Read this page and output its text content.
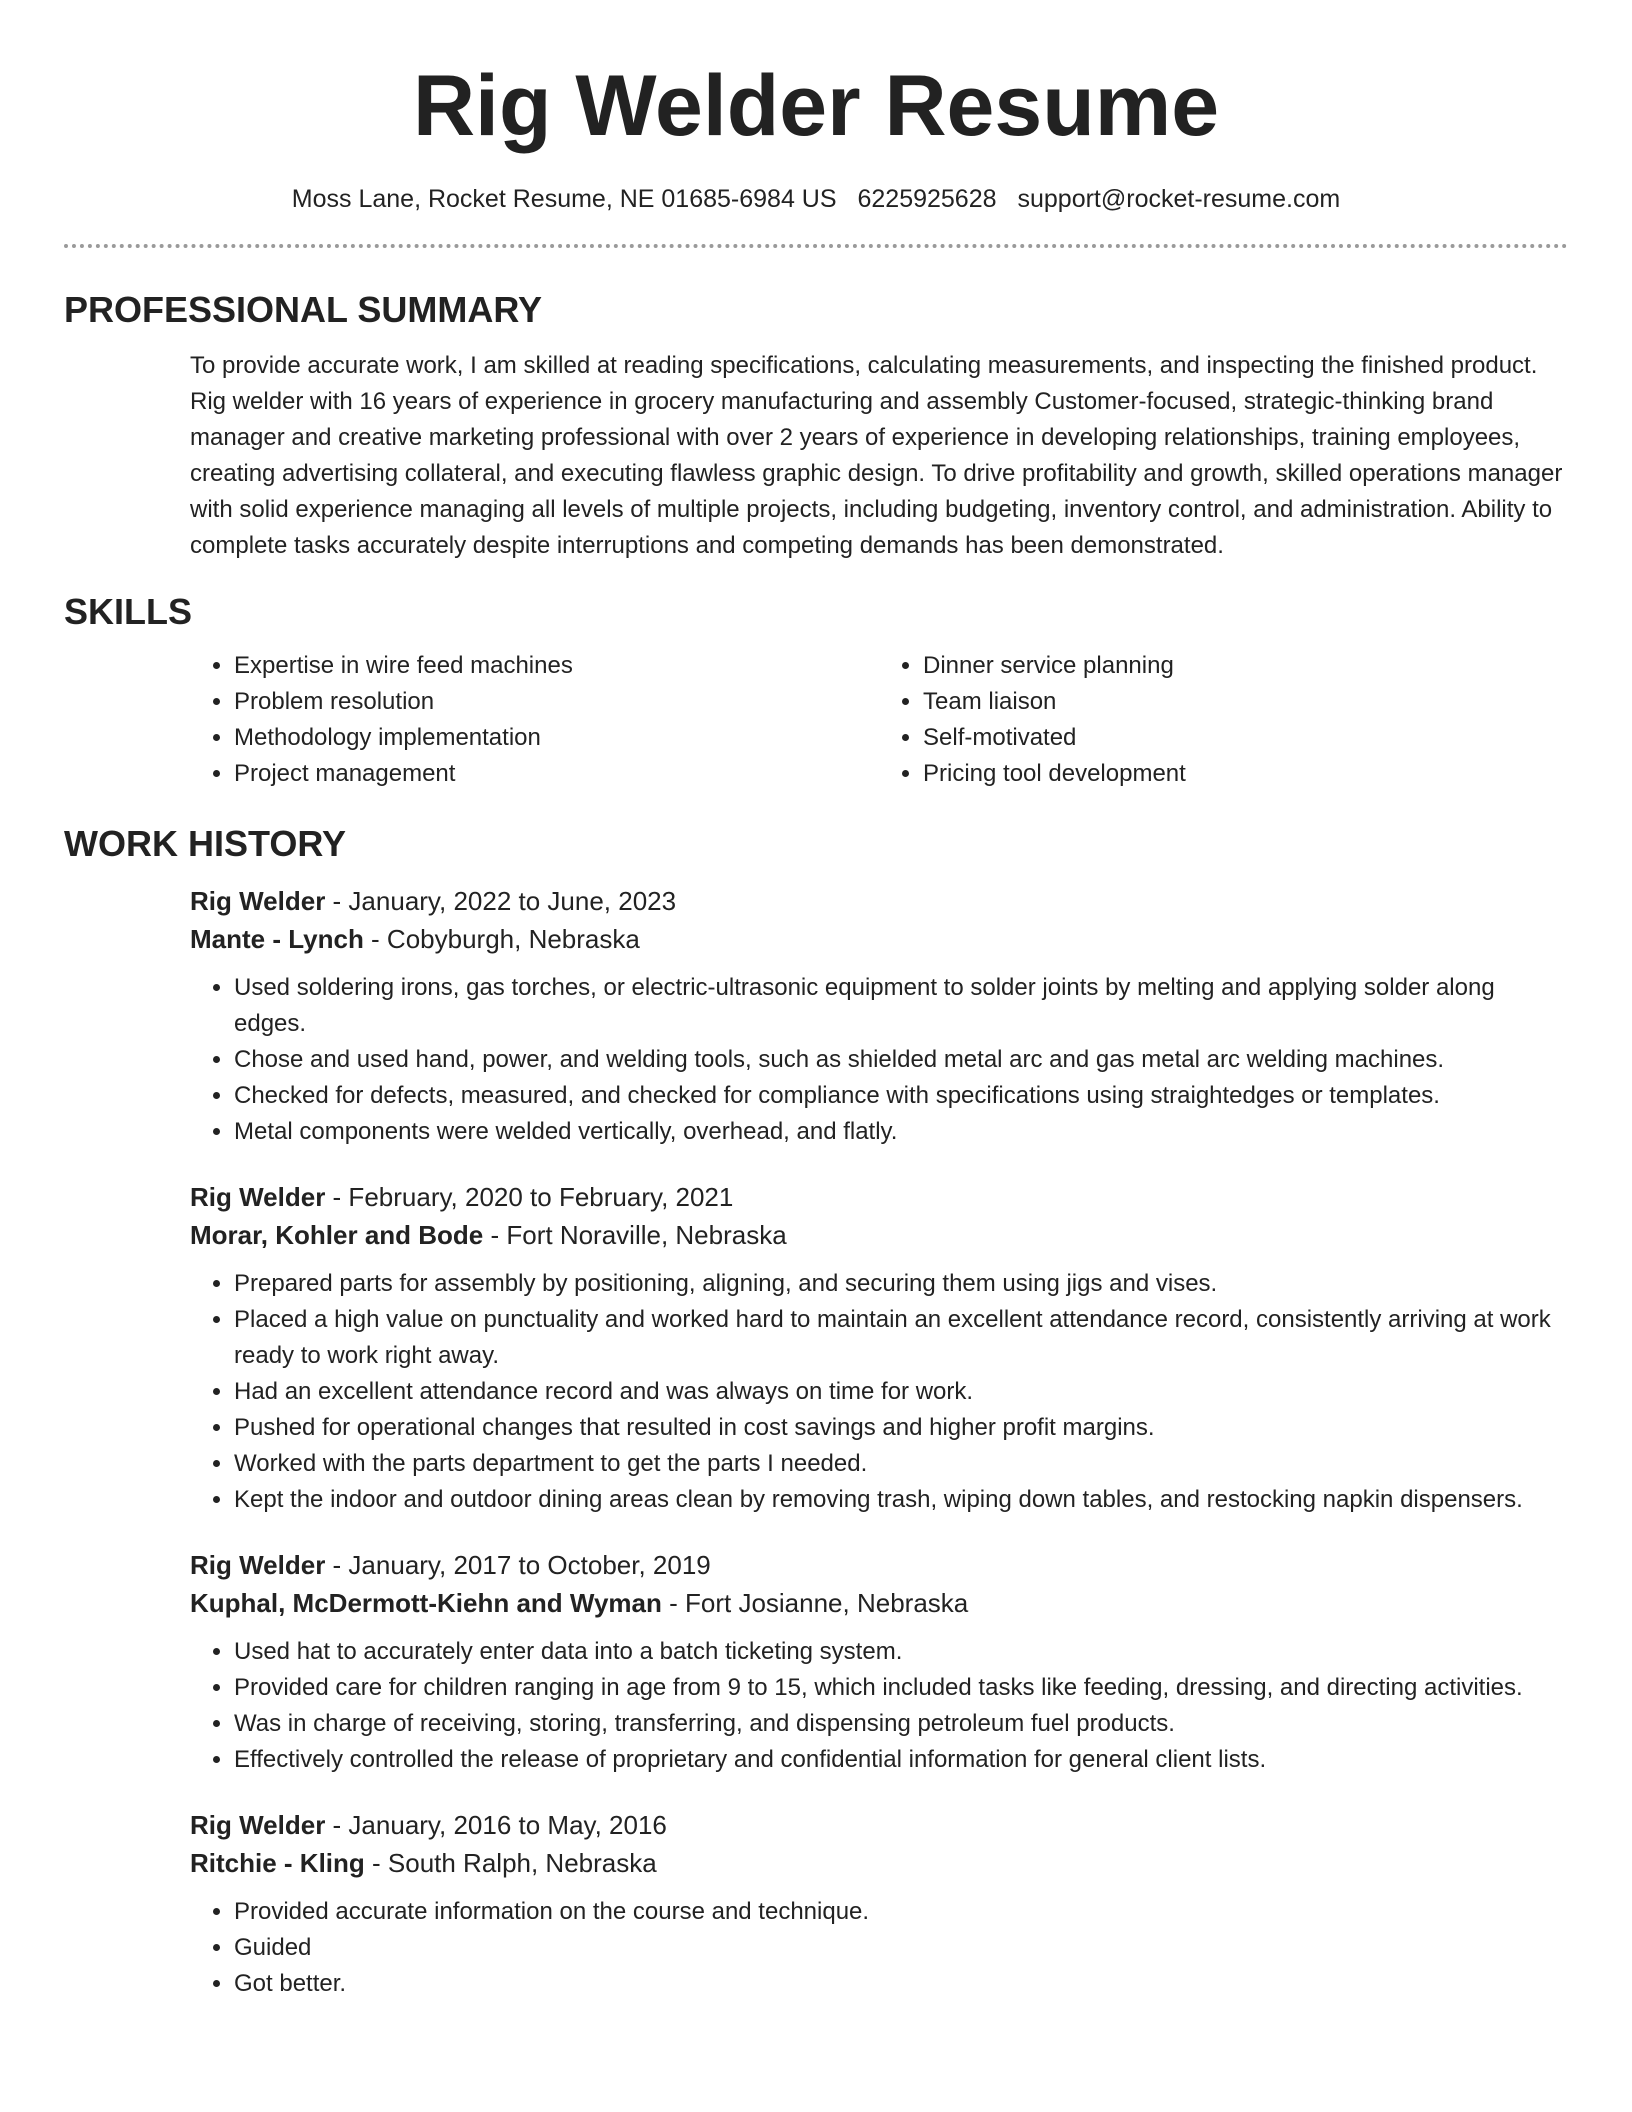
Rig Welder Resume
Moss Lane, Rocket Resume, NE 01685-6984 US 6225925628 support@rocket-resume.com
PROFESSIONAL SUMMARY

To provide accurate work, I am skilled at reading specifications, calculating measurements, and inspecting the finished product. Rig welder with 16 years of experience in grocery manufacturing and assembly Customer-focused, strategic-thinking brand manager and creative marketing professional with over 2 years of experience in developing relationships, training employees, creating advertising collateral, and executing flawless graphic design. To drive profitability and growth, skilled operations manager with solid experience managing all levels of multiple projects, including budgeting, inventory control, and administration. Ability to complete tasks accurately despite interruptions and competing demands has been demonstrated.

SKILLS
• Expertise in wire feed machines
• Problem resolution
• Methodology implementation
• Project management
• Dinner service planning
• Team liaison
• Self-motivated
• Pricing tool development
WORK HISTORY
Rig Welder - January, 2022 to June, 2023
Mante - Lynch - Cobyburgh, Nebraska
• Used soldering irons, gas torches, or electric-ultrasonic equipment to solder joints by melting and applying solder along edges.
• Chose and used hand, power, and welding tools, such as shielded metal arc and gas metal arc welding machines.
• Checked for defects, measured, and checked for compliance with specifications using straightedges or templates.
• Metal components were welded vertically, overhead, and flatly.
Rig Welder - February, 2020 to February, 2021
Morar, Kohler and Bode - Fort Noraville, Nebraska
• Prepared parts for assembly by positioning, aligning, and securing them using jigs and vises.
• Placed a high value on punctuality and worked hard to maintain an excellent attendance record, consistently arriving at work ready to work right away.
• Had an excellent attendance record and was always on time for work.
• Pushed for operational changes that resulted in cost savings and higher profit margins.
• Worked with the parts department to get the parts I needed.
• Kept the indoor and outdoor dining areas clean by removing trash, wiping down tables, and restocking napkin dispensers.
Rig Welder - January, 2017 to October, 2019
Kuphal, McDermott-Kiehn and Wyman - Fort Josianne, Nebraska
• Used hat to accurately enter data into a batch ticketing system.
• Provided care for children ranging in age from 9 to 15, which included tasks like feeding, dressing, and directing activities.
• Was in charge of receiving, storing, transferring, and dispensing petroleum fuel products.
• Effectively controlled the release of proprietary and confidential information for general client lists.
Rig Welder - January, 2016 to May, 2016
Ritchie - Kling - South Ralph, Nebraska
• Provided accurate information on the course and technique.
• Guided
• Got better.
